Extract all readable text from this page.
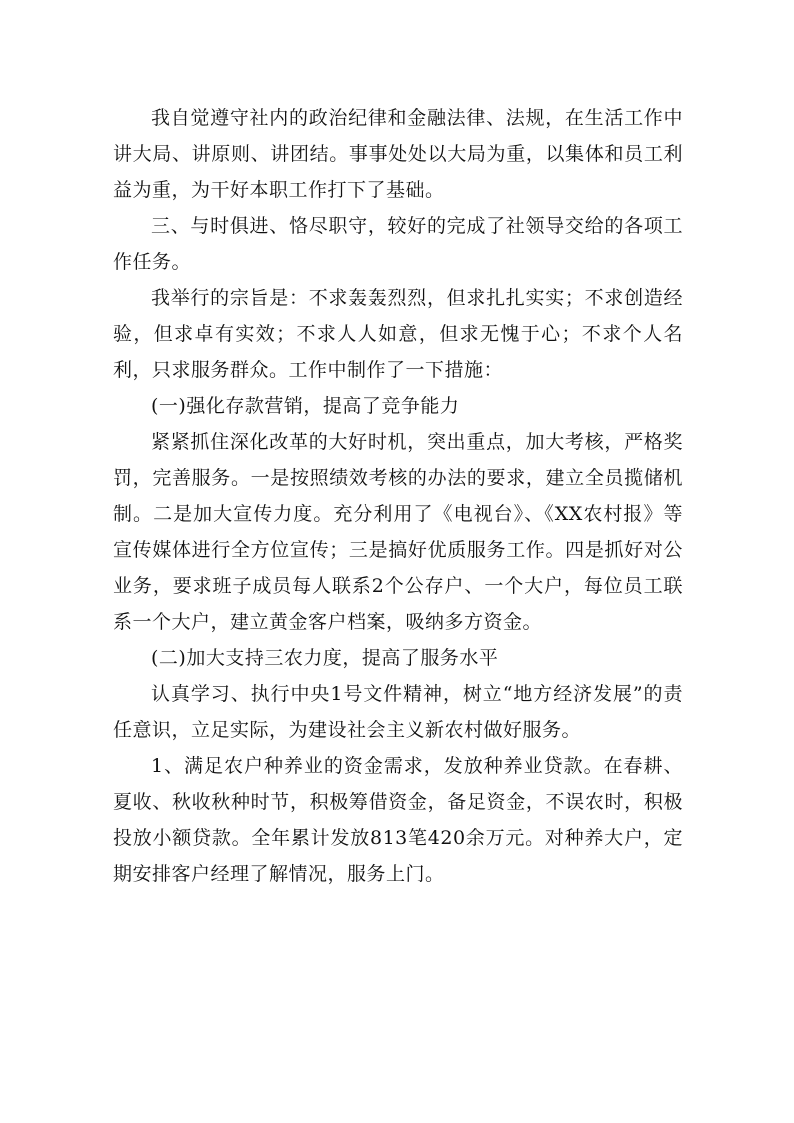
我自觉遵守社内的政治纪律和金融法律、法规，在生活工作中讲大局、讲原则、讲团结。事事处处以大局为重，以集体和员工利益为重，为干好本职工作打下了基础。

三、与时俱进、恪尽职守，较好的完成了社领导交给的各项工作任务。

我举行的宗旨是：不求轰轰烈烈，但求扎扎实实；不求创造经验，但求卓有实效；不求人人如意，但求无愧于心；不求个人名利，只求服务群众。工作中制作了一下措施：

(一)强化存款营销，提高了竞争能力

紧紧抓住深化改革的大好时机，突出重点，加大考核，严格奖罚，完善服务。一是按照绩效考核的办法的要求，建立全员揽储机制。二是加大宣传力度。充分利用了《电视台》、《XX农村报》等宣传媒体进行全方位宣传；三是搞好优质服务工作。四是抓好对公业务，要求班子成员每人联系2个公存户、一个大户，每位员工联系一个大户，建立黄金客户档案，吸纳多方资金。

(二)加大支持三农力度，提高了服务水平

认真学习、执行中央1号文件精神，树立“地方经济发展”的责任意识，立足实际，为建设社会主义新农村做好服务。

1、满足农户种养业的资金需求，发放种养业贷款。在春耕、夏收、秋收秋种时节，积极筹借资金，备足资金，不误农时，积极投放小额贷款。全年累计发放813笔420余万元。对种养大户，定期安排客户经理了解情况，服务上门。
